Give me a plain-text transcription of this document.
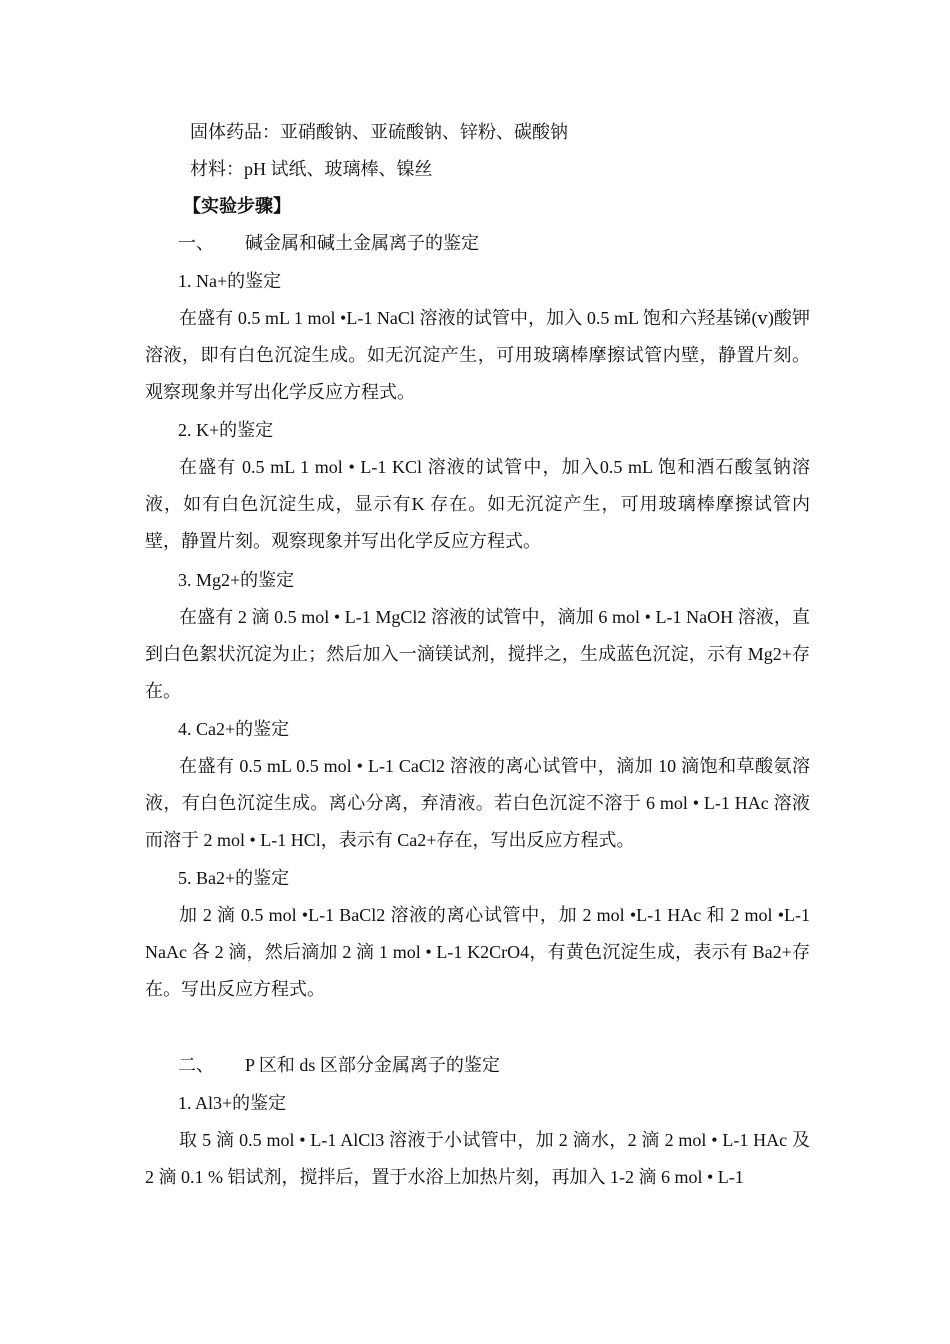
固体药品：亚硝酸钠、亚硫酸钠、锌粉、碳酸钠
材料：pH 试纸、玻璃棒、镍丝
【实验步骤】
一、 碱金属和碱土金属离子的鉴定
1. Na+的鉴定
在盛有 0.5 mL 1 mol •L-1 NaCl 溶液的试管中，加入 0.5 mL 饱和六羟基锑(ⅴ)酸钾溶液，即有白色沉淀生成。如无沉淀产生，可用玻璃棒摩擦试管内壁，静置片刻。观察现象并写出化学反应方程式。
2. K+的鉴定
在盛有 0.5 mL 1 mol • L-1 KCl 溶液的试管中，加入0.5 mL 饱和酒石酸氢钠溶液，如有白色沉淀生成，显示有K 存在。如无沉淀产生，可用玻璃棒摩擦试管内壁，静置片刻。观察现象并写出化学反应方程式。
3. Mg2+的鉴定
在盛有 2 滴 0.5 mol • L-1 MgCl2 溶液的试管中，滴加 6 mol • L-1 NaOH 溶液，直到白色絮状沉淀为止；然后加入一滴镁试剂，搅拌之，生成蓝色沉淀，示有 Mg2+存在。
4. Ca2+的鉴定
在盛有 0.5 mL 0.5 mol • L-1 CaCl2 溶液的离心试管中，滴加 10 滴饱和草酸氨溶液，有白色沉淀生成。离心分离，弃清液。若白色沉淀不溶于 6 mol • L-1 HAc 溶液而溶于 2 mol • L-1 HCl，表示有 Ca2+存在，写出反应方程式。
5. Ba2+的鉴定
加 2 滴 0.5 mol •L-1 BaCl2 溶液的离心试管中，加 2 mol •L-1 HAc 和 2 mol •L-1 NaAc 各 2 滴，然后滴加 2 滴 1 mol • L-1 K2CrO4，有黄色沉淀生成，表示有 Ba2+存在。写出反应方程式。
二、 P 区和 ds 区部分金属离子的鉴定
1. Al3+的鉴定
取 5 滴 0.5 mol • L-1 AlCl3 溶液于小试管中，加 2 滴水，2 滴 2 mol • L-1 HAc 及 2 滴 0.1 % 铝试剂，搅拌后，置于水浴上加热片刻，再加入 1-2 滴 6 mol • L-1
